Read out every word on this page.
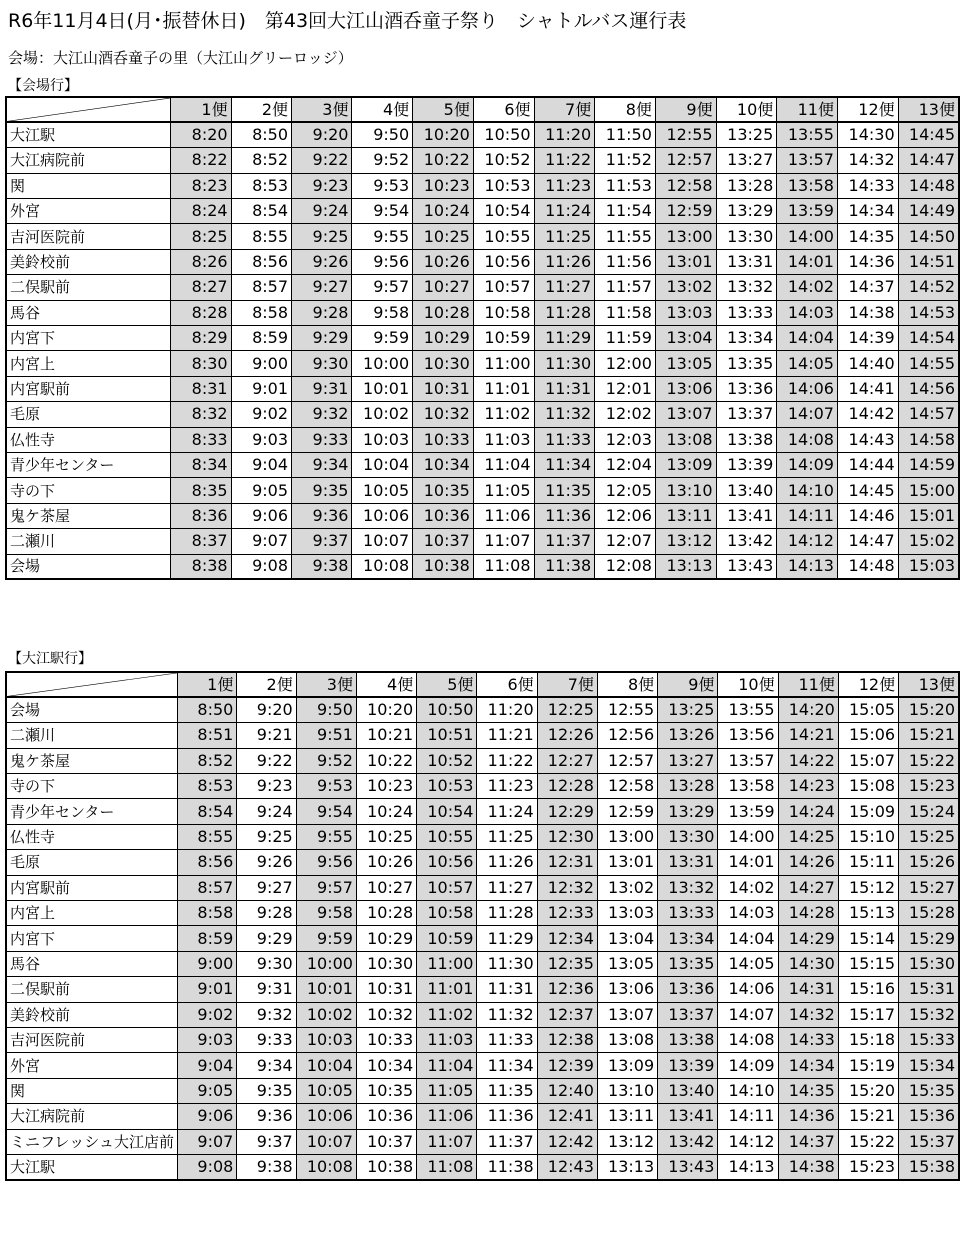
R6年11月4日(月･振替休日)　第43回大江山酒呑童子祭り　シャトルバス運行表
会場：大江山酒呑童子の里（大江山グリーロッジ）
【会場行】
	1便	2便	3便	4便	5便	6便	7便	8便	9便	10便	11便	12便	13便
大江駅	8:20	8:50	9:20	9:50	10:20	10:50	11:20	11:50	12:55	13:25	13:55	14:30	14:45
大江病院前	8:22	8:52	9:22	9:52	10:22	10:52	11:22	11:52	12:57	13:27	13:57	14:32	14:47
関	8:23	8:53	9:23	9:53	10:23	10:53	11:23	11:53	12:58	13:28	13:58	14:33	14:48
外宮	8:24	8:54	9:24	9:54	10:24	10:54	11:24	11:54	12:59	13:29	13:59	14:34	14:49
吉河医院前	8:25	8:55	9:25	9:55	10:25	10:55	11:25	11:55	13:00	13:30	14:00	14:35	14:50
美鈴校前	8:26	8:56	9:26	9:56	10:26	10:56	11:26	11:56	13:01	13:31	14:01	14:36	14:51
二俣駅前	8:27	8:57	9:27	9:57	10:27	10:57	11:27	11:57	13:02	13:32	14:02	14:37	14:52
馬谷	8:28	8:58	9:28	9:58	10:28	10:58	11:28	11:58	13:03	13:33	14:03	14:38	14:53
内宮下	8:29	8:59	9:29	9:59	10:29	10:59	11:29	11:59	13:04	13:34	14:04	14:39	14:54
内宮上	8:30	9:00	9:30	10:00	10:30	11:00	11:30	12:00	13:05	13:35	14:05	14:40	14:55
内宮駅前	8:31	9:01	9:31	10:01	10:31	11:01	11:31	12:01	13:06	13:36	14:06	14:41	14:56
毛原	8:32	9:02	9:32	10:02	10:32	11:02	11:32	12:02	13:07	13:37	14:07	14:42	14:57
仏性寺	8:33	9:03	9:33	10:03	10:33	11:03	11:33	12:03	13:08	13:38	14:08	14:43	14:58
青少年センター	8:34	9:04	9:34	10:04	10:34	11:04	11:34	12:04	13:09	13:39	14:09	14:44	14:59
寺の下	8:35	9:05	9:35	10:05	10:35	11:05	11:35	12:05	13:10	13:40	14:10	14:45	15:00
鬼ケ茶屋	8:36	9:06	9:36	10:06	10:36	11:06	11:36	12:06	13:11	13:41	14:11	14:46	15:01
二瀬川	8:37	9:07	9:37	10:07	10:37	11:07	11:37	12:07	13:12	13:42	14:12	14:47	15:02
会場	8:38	9:08	9:38	10:08	10:38	11:08	11:38	12:08	13:13	13:43	14:13	14:48	15:03
【大江駅行】
	1便	2便	3便	4便	5便	6便	7便	8便	9便	10便	11便	12便	13便
会場	8:50	9:20	9:50	10:20	10:50	11:20	12:25	12:55	13:25	13:55	14:20	15:05	15:20
二瀬川	8:51	9:21	9:51	10:21	10:51	11:21	12:26	12:56	13:26	13:56	14:21	15:06	15:21
鬼ケ茶屋	8:52	9:22	9:52	10:22	10:52	11:22	12:27	12:57	13:27	13:57	14:22	15:07	15:22
寺の下	8:53	9:23	9:53	10:23	10:53	11:23	12:28	12:58	13:28	13:58	14:23	15:08	15:23
青少年センター	8:54	9:24	9:54	10:24	10:54	11:24	12:29	12:59	13:29	13:59	14:24	15:09	15:24
仏性寺	8:55	9:25	9:55	10:25	10:55	11:25	12:30	13:00	13:30	14:00	14:25	15:10	15:25
毛原	8:56	9:26	9:56	10:26	10:56	11:26	12:31	13:01	13:31	14:01	14:26	15:11	15:26
内宮駅前	8:57	9:27	9:57	10:27	10:57	11:27	12:32	13:02	13:32	14:02	14:27	15:12	15:27
内宮上	8:58	9:28	9:58	10:28	10:58	11:28	12:33	13:03	13:33	14:03	14:28	15:13	15:28
内宮下	8:59	9:29	9:59	10:29	10:59	11:29	12:34	13:04	13:34	14:04	14:29	15:14	15:29
馬谷	9:00	9:30	10:00	10:30	11:00	11:30	12:35	13:05	13:35	14:05	14:30	15:15	15:30
二俣駅前	9:01	9:31	10:01	10:31	11:01	11:31	12:36	13:06	13:36	14:06	14:31	15:16	15:31
美鈴校前	9:02	9:32	10:02	10:32	11:02	11:32	12:37	13:07	13:37	14:07	14:32	15:17	15:32
吉河医院前	9:03	9:33	10:03	10:33	11:03	11:33	12:38	13:08	13:38	14:08	14:33	15:18	15:33
外宮	9:04	9:34	10:04	10:34	11:04	11:34	12:39	13:09	13:39	14:09	14:34	15:19	15:34
関	9:05	9:35	10:05	10:35	11:05	11:35	12:40	13:10	13:40	14:10	14:35	15:20	15:35
大江病院前	9:06	9:36	10:06	10:36	11:06	11:36	12:41	13:11	13:41	14:11	14:36	15:21	15:36
ミニフレッシュ大江店前	9:07	9:37	10:07	10:37	11:07	11:37	12:42	13:12	13:42	14:12	14:37	15:22	15:37
大江駅	9:08	9:38	10:08	10:38	11:08	11:38	12:43	13:13	13:43	14:13	14:38	15:23	15:38
